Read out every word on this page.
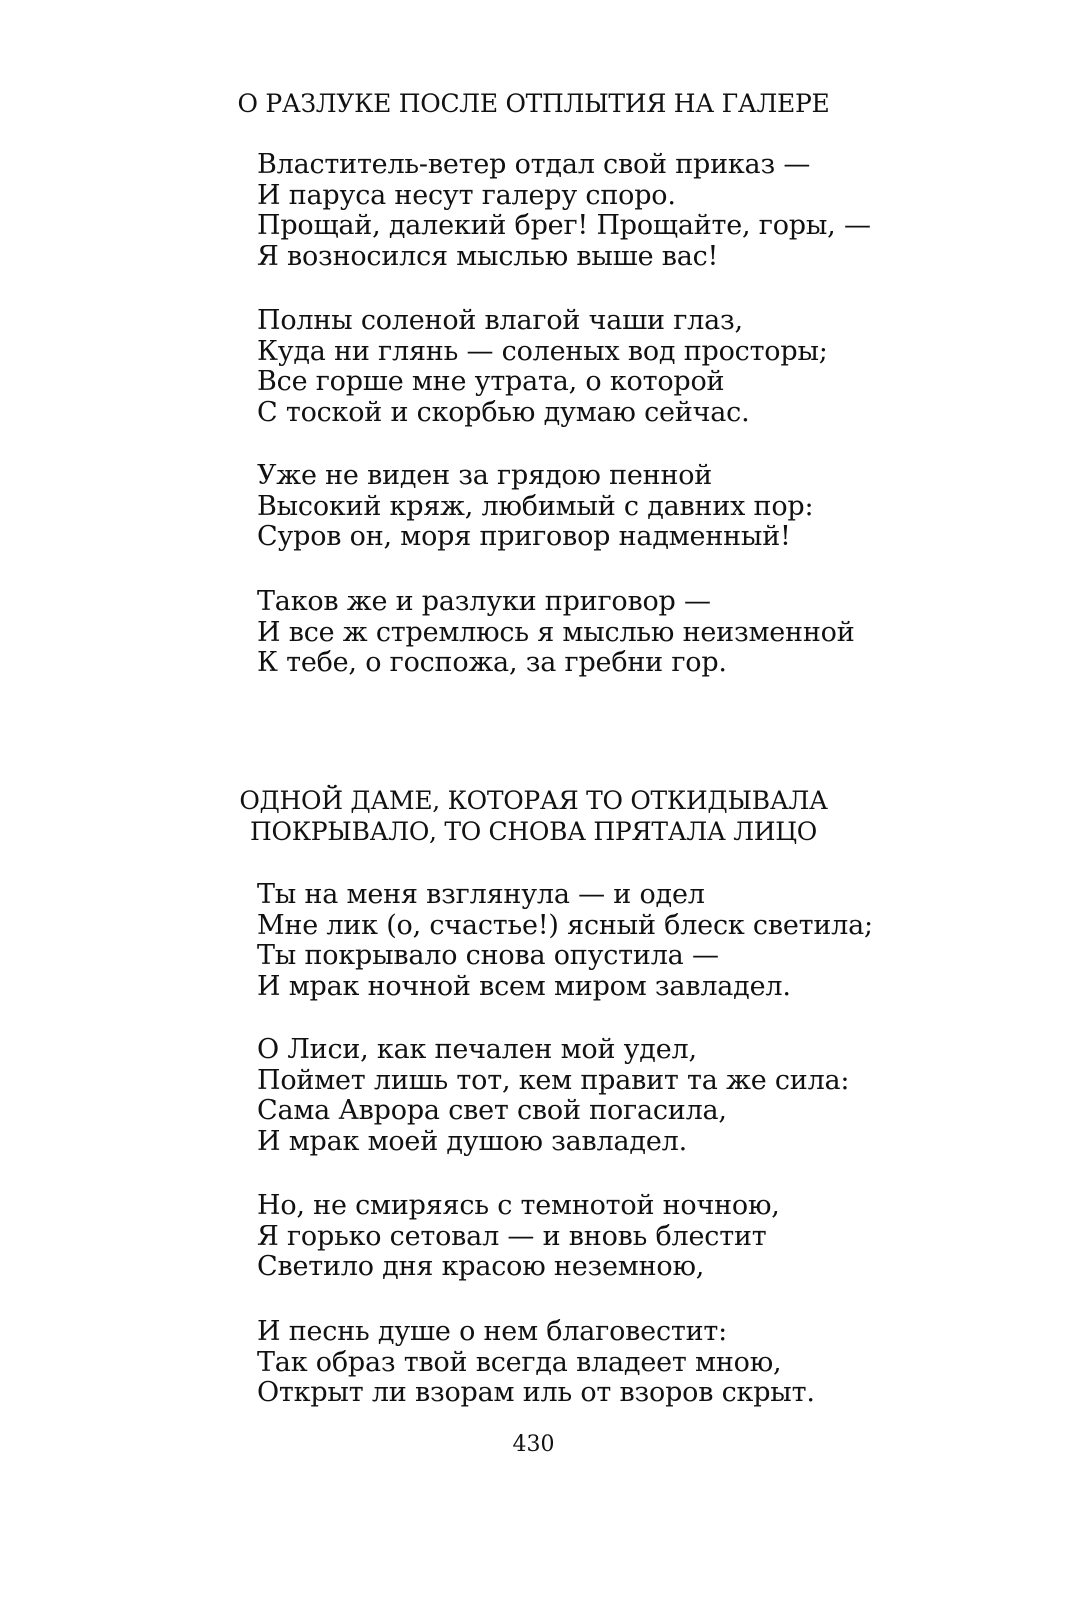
О РАЗЛУКЕ ПОСЛЕ ОТПЛЫТИЯ НА ГАЛЕРЕ
Властитель-ветер отдал свой приказ —
И паруса несут галеру споро.
Прощай, далекий брег! Прощайте, горы, —
Я возносился мыслью выше вас!
Полны соленой влагой чаши глаз,
Куда ни глянь — соленых вод просторы;
Все горше мне утрата, о которой
С тоской и скорбью думаю сейчас.
Уже не виден за грядою пенной
Высокий кряж, любимый с давних пор:
Суров он, моря приговор надменный!
Таков же и разлуки приговор —
И все ж стремлюсь я мыслью неизменной
К тебе, о госпожа, за гребни гор.
ОДНОЙ ДАМЕ, КОТОРАЯ ТО ОТКИДЫВАЛА
ПОКРЫВАЛО, ТО СНОВА ПРЯТАЛА ЛИЦО
Ты на меня взглянула — и одел
Мне лик (о, счастье!) ясный блеск светила;
Ты покрывало снова опустила —
И мрак ночной всем миром завладел.
О Лиси, как печален мой удел,
Поймет лишь тот, кем правит та же сила:
Сама Аврора свет свой погасила,
И мрак моей душою завладел.
Но, не смиряясь с темнотой ночною,
Я горько сетовал — и вновь блестит
Светило дня красою неземною,
И песнь душе о нем благовестит:
Так образ твой всегда владеет мною,
Открыт ли взорам иль от взоров скрыт.

430
